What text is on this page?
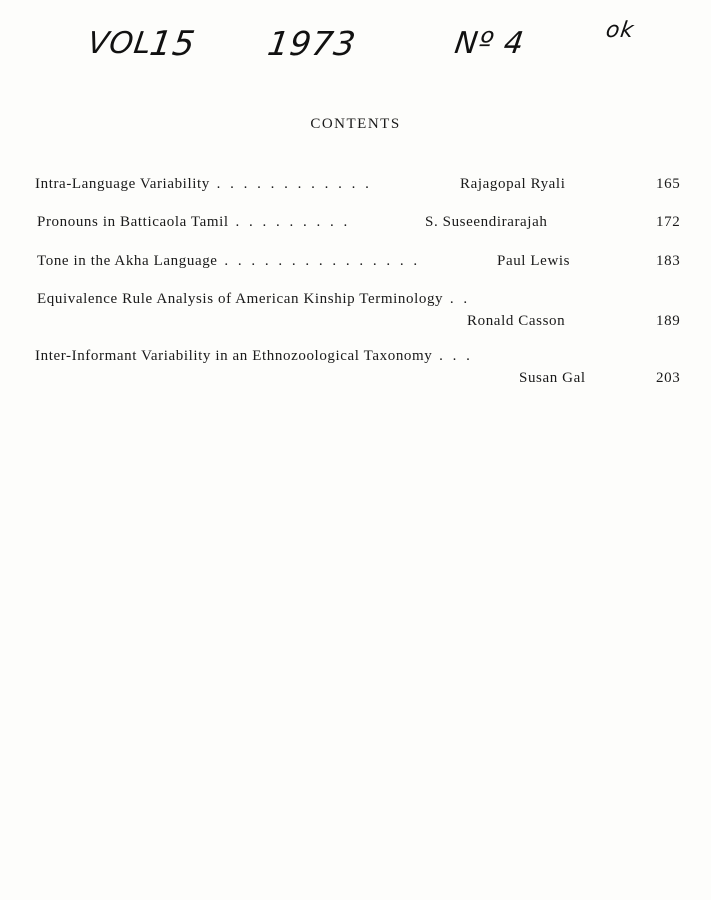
VOL
15 1973	Nº 4	ok
CONTENTS
Intra-Language Variability . . . . . . . . . . . .	Rajagopal Ryali	165
Pronouns in Batticaola Tamil . . . . . . . . .	S. Suseendirarajah	172
Tone in the Akha Language . . . . . . . . . . . . . . .	Paul Lewis	183
Equivalence Rule Analysis of American Kinship Terminology . .
Ronald Casson	189
Inter-Informant Variability in an Ethnozoological Taxonomy . . .
Susan Gal	203
